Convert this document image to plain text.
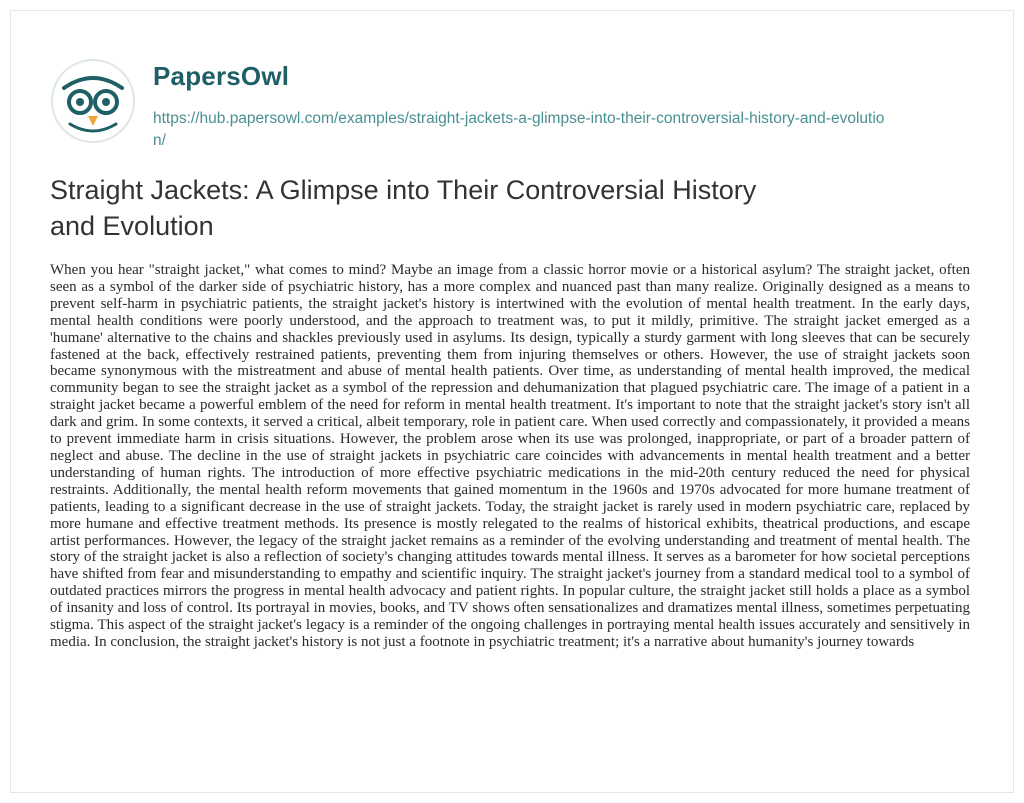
PapersOwl
https://hub.papersowl.com/examples/straight-jackets-a-glimpse-into-their-controversial-history-and-evolution/
Straight Jackets: A Glimpse into Their Controversial History and Evolution

When you hear "straight jacket," what comes to mind? Maybe an image from a classic horror movie or a historical asylum? The straight jacket, often seen as a symbol of the darker side of psychiatric history, has a more complex and nuanced past than many realize. Originally designed as a means to prevent self-harm in psychiatric patients, the straight jacket's history is intertwined with the evolution of mental health treatment. In the early days, mental health conditions were poorly understood, and the approach to treatment was, to put it mildly, primitive. The straight jacket emerged as a 'humane' alternative to the chains and shackles previously used in asylums. Its design, typically a sturdy garment with long sleeves that can be securely fastened at the back, effectively restrained patients, preventing them from injuring themselves or others. However, the use of straight jackets soon became synonymous with the mistreatment and abuse of mental health patients. Over time, as understanding of mental health improved, the medical community began to see the straight jacket as a symbol of the repression and dehumanization that plagued psychiatric care. The image of a patient in a straight jacket became a powerful emblem of the need for reform in mental health treatment. It's important to note that the straight jacket's story isn't all dark and grim. In some contexts, it served a critical, albeit temporary, role in patient care. When used correctly and compassionately, it provided a means to prevent immediate harm in crisis situations. However, the problem arose when its use was prolonged, inappropriate, or part of a broader pattern of neglect and abuse. The decline in the use of straight jackets in psychiatric care coincides with advancements in mental health treatment and a better understanding of human rights. The introduction of more effective psychiatric medications in the mid-20th century reduced the need for physical restraints. Additionally, the mental health reform movements that gained momentum in the 1960s and 1970s advocated for more humane treatment of patients, leading to a significant decrease in the use of straight jackets. Today, the straight jacket is rarely used in modern psychiatric care, replaced by more humane and effective treatment methods. Its presence is mostly relegated to the realms of historical exhibits, theatrical productions, and escape artist performances. However, the legacy of the straight jacket remains as a reminder of the evolving understanding and treatment of mental health. The story of the straight jacket is also a reflection of society's changing attitudes towards mental illness. It serves as a barometer for how societal perceptions have shifted from fear and misunderstanding to empathy and scientific inquiry. The straight jacket's journey from a standard medical tool to a symbol of outdated practices mirrors the progress in mental health advocacy and patient rights. In popular culture, the straight jacket still holds a place as a symbol of insanity and loss of control. Its portrayal in movies, books, and TV shows often sensationalizes and dramatizes mental illness, sometimes perpetuating stigma. This aspect of the straight jacket's legacy is a reminder of the ongoing challenges in portraying mental health issues accurately and sensitively in media. In conclusion, the straight jacket's history is not just a footnote in psychiatric treatment; it's a narrative about humanity's journey towards
